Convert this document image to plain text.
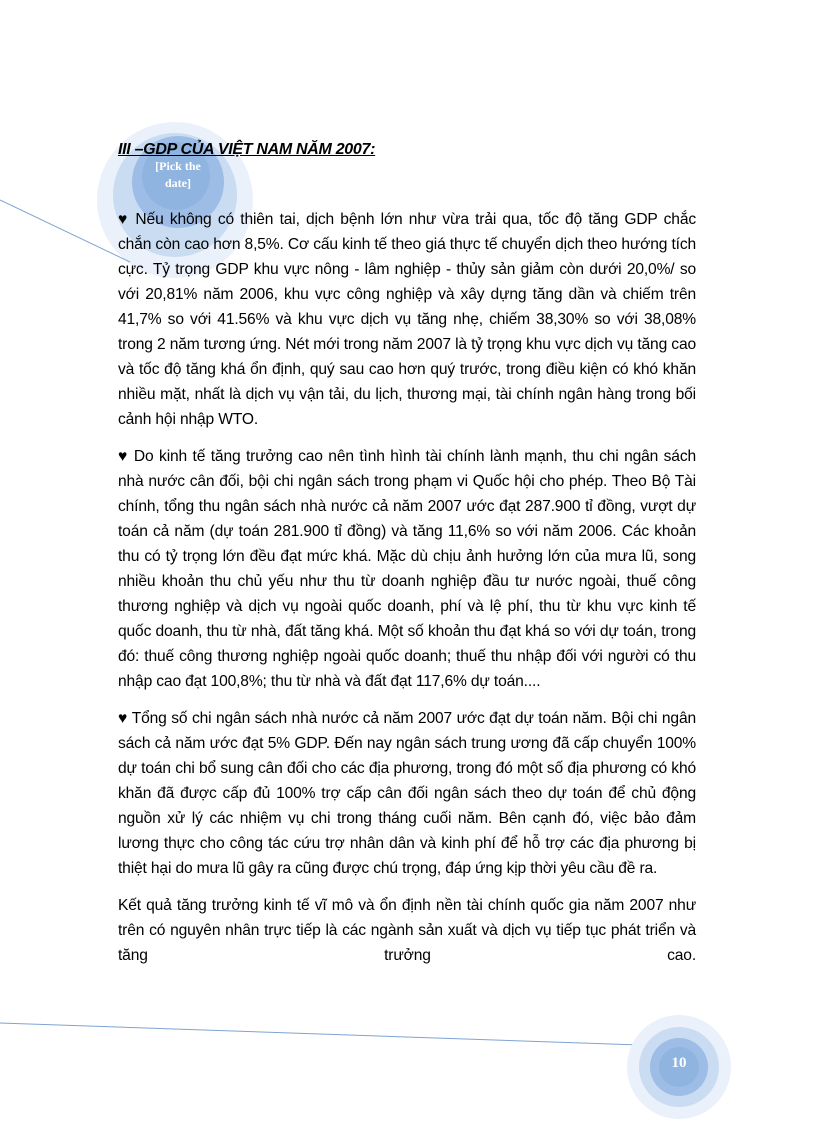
[Pick the date]
III –GDP CỦA VIỆT NAM NĂM 2007:

♥ Nếu không có thiên tai, dịch bệnh lớn như vừa trải qua, tốc độ tăng GDP chắc chắn còn cao hơn 8,5%. Cơ cấu kinh tế theo giá thực tế chuyển dịch theo hướng tích cực. Tỷ trọng GDP khu vực nông - lâm nghiệp - thủy sản giảm còn dưới 20,0%/ so với 20,81% năm 2006, khu vực công nghiệp và xây dựng tăng dần và chiếm trên 41,7% so với 41.56% và khu vực dịch vụ tăng nhẹ, chiếm 38,30% so với 38,08% trong 2 năm tương ứng. Nét mới trong năm 2007 là tỷ trọng khu vực dịch vụ tăng cao và tốc độ tăng khá ổn định, quý sau cao hơn quý trước, trong điều kiện có khó khăn nhiều mặt, nhất là dịch vụ vận tải, du lịch, thương mại, tài chính ngân hàng trong bối cảnh hội nhập WTO.

♥ Do kinh tế tăng trưởng cao nên tình hình tài chính lành mạnh, thu chi ngân sách nhà nước cân đối, bội chi ngân sách trong phạm vi Quốc hội cho phép. Theo Bộ Tài chính, tổng thu ngân sách nhà nước cả năm 2007 ước đạt 287.900 tỉ đồng, vượt dự toán cả năm (dự toán 281.900 tỉ đồng) và tăng 11,6% so với năm 2006. Các khoản thu có tỷ trọng lớn đều đạt mức khá. Mặc dù chịu ảnh hưởng lớn của mưa lũ, song nhiều khoản thu chủ yếu như thu từ doanh nghiệp đầu tư nước ngoài, thuế công thương nghiệp và dịch vụ ngoài quốc doanh, phí và lệ phí, thu từ khu vực kinh tế quốc doanh, thu từ nhà, đất tăng khá. Một số khoản thu đạt khá so với dự toán, trong đó: thuế công thương nghiệp ngoài quốc doanh; thuế thu nhập đối với người có thu nhập cao đạt 100,8%; thu từ nhà và đất đạt 117,6% dự toán....

♥ Tổng số chi ngân sách nhà nước cả năm 2007 ước đạt dự toán năm. Bội chi ngân sách cả năm ước đạt 5% GDP. Đến nay ngân sách trung ương đã cấp chuyển 100% dự toán chi bổ sung cân đối cho các địa phương, trong đó một số địa phương có khó khăn đã được cấp đủ 100% trợ cấp cân đối ngân sách theo dự toán để chủ động nguồn xử lý các nhiệm vụ chi trong tháng cuối năm. Bên cạnh đó, việc bảo đảm lương thực cho công tác cứu trợ nhân dân và kinh phí để hỗ trợ các địa phương bị thiệt hại do mưa lũ gây ra cũng được chú trọng, đáp ứng kịp thời yêu cầu đề ra.

Kết quả tăng trưởng kinh tế vĩ mô và ổn định nền tài chính quốc gia năm 2007 như trên có nguyên nhân trực tiếp là các ngành sản xuất và dịch vụ tiếp tục phát triển và tăng trưởng cao.

10
